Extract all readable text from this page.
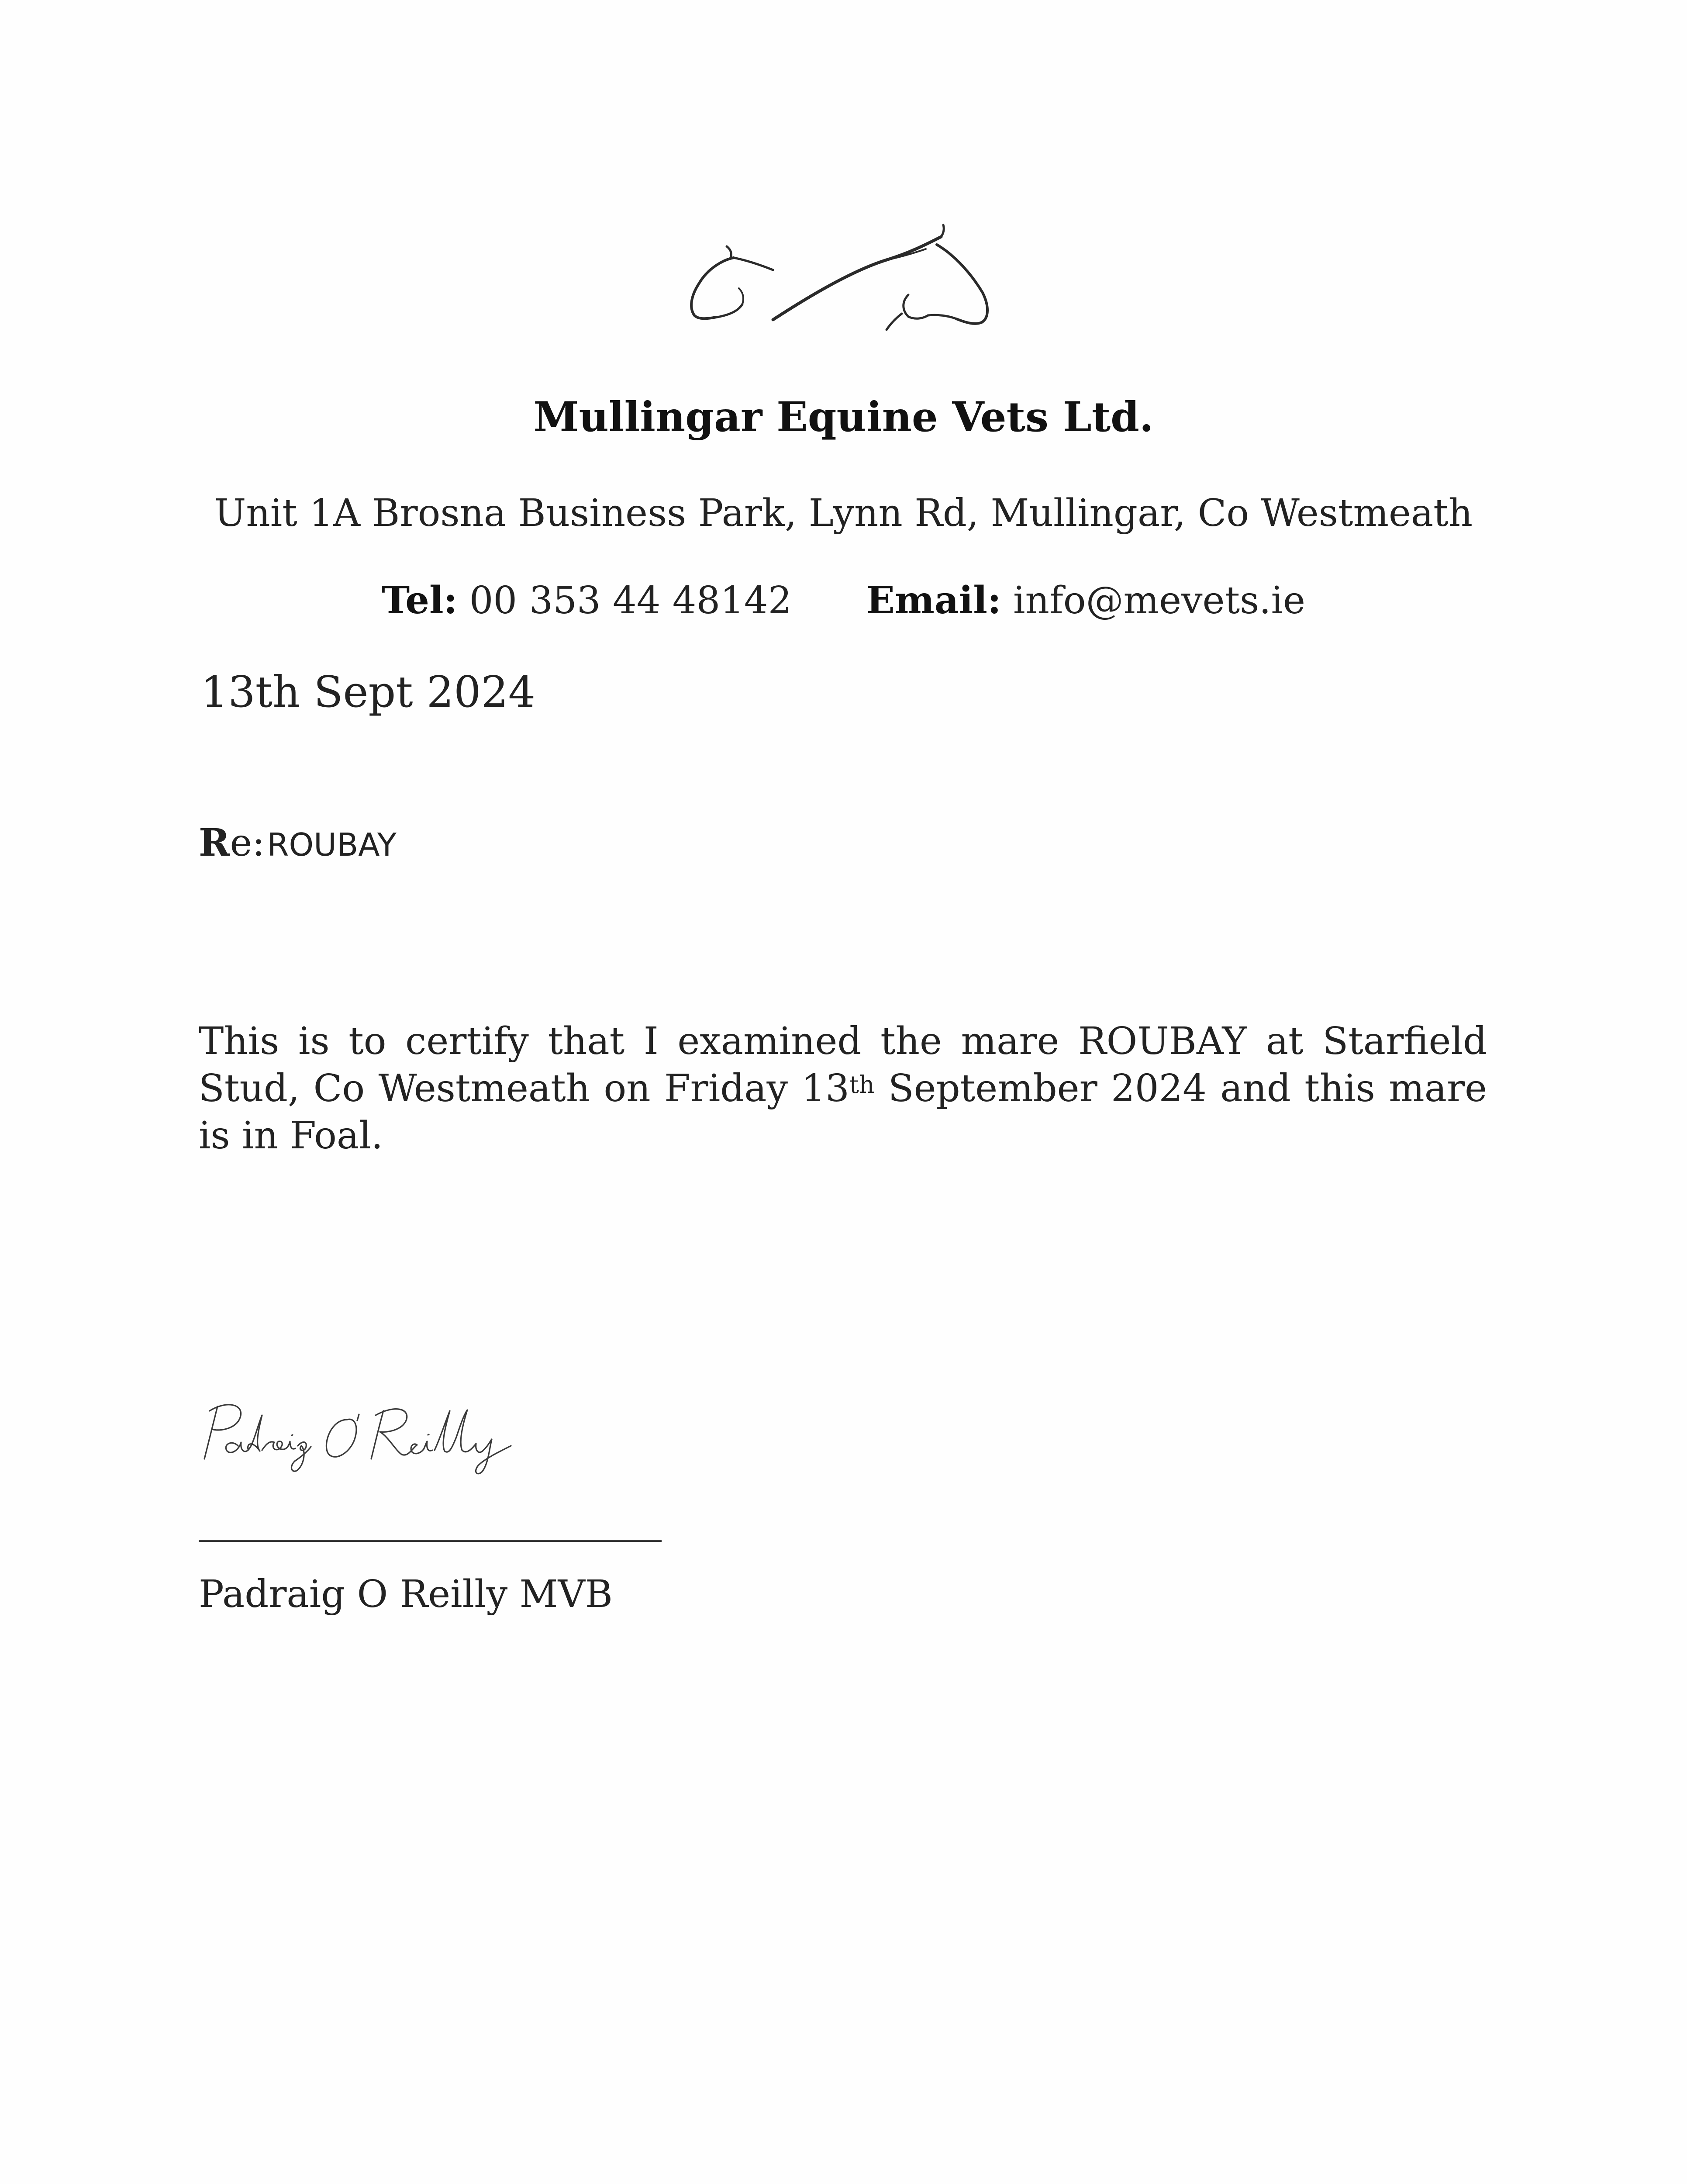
Mullingar Equine Vets Ltd.
Unit 1A Brosna Business Park, Lynn Rd, Mullingar, Co Westmeath
Tel: 00 353 44 48142 Email: info@mevets.ie
13th Sept 2024
Re: ROUBAY
This is to certify that I examined the mare ROUBAY at Starfield Stud, Co Westmeath on Friday 13th September 2024 and this mare is in Foal.
Padraig O Reilly MVB
